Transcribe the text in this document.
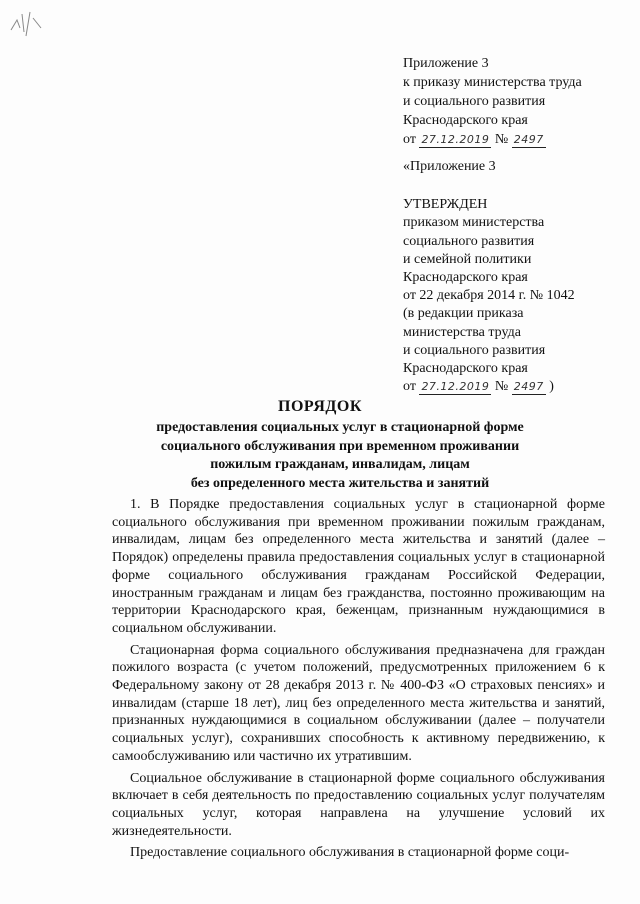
Приложение 3
к приказу министерства труда
и социального развития
Краснодарского края
от 27.12.2019 № 2497
«Приложение 3
УТВЕРЖДЕН
приказом министерства
социального развития
и семейной политики
Краснодарского края
от 22 декабря 2014 г. № 1042
(в редакции приказа
министерства труда
и социального развития
Краснодарского края
от 27.12.2019 № 2497 )
ПОРЯДОК
предоставления социальных услуг в стационарной форме
социального обслуживания при временном проживании
пожилым гражданам, инвалидам, лицам
без определенного места жительства и занятий

1. В Порядке предоставления социальных услуг в стационарной форме социального обслуживания при временном проживании пожилым гражданам, инвалидам, лицам без определенного места жительства и занятий (далее – Порядок) определены правила предоставления социальных услуг в стационарной форме социального обслуживания гражданам Российской Федерации, иностранным гражданам и лицам без гражданства, постоянно проживающим на территории Краснодарского края, беженцам, признанным нуждающимися в социальном обслуживании.

Стационарная форма социального обслуживания предназначена для граждан пожилого возраста (с учетом положений, предусмотренных приложением 6 к Федеральному закону от 28 декабря 2013 г. № 400-ФЗ «О страховых пенсиях» и инвалидам (старше 18 лет), лиц без определенного места жительства и занятий, признанных нуждающимися в социальном обслуживании (далее – получатели социальных услуг), сохранивших способность к активному передвижению, к самообслуживанию или частично их утратившим.

Социальное обслуживание в стационарной форме социального обслуживания включает в себя деятельность по предоставлению социальных услуг получателям социальных услуг, которая направлена на улучшение условий их жизнедеятельности.

Предоставление социального обслуживания в стационарной форме соци-
